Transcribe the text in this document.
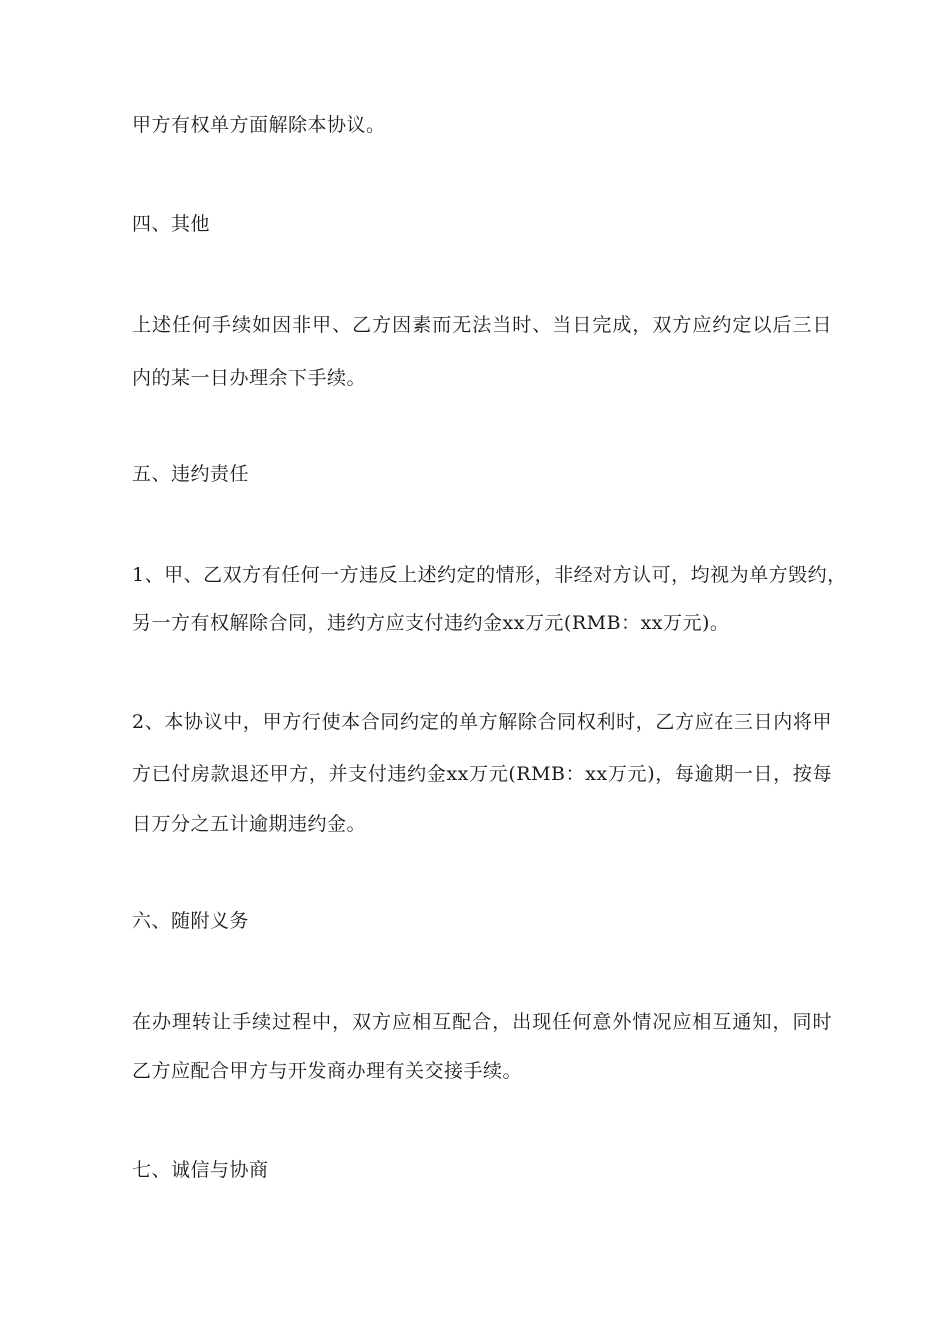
甲方有权单方面解除本协议。
四、其他
上述任何手续如因非甲、乙方因素而无法当时、当日完成，双方应约定以后三日
内的某一日办理余下手续。
五、违约责任
1、甲、乙双方有任何一方违反上述约定的情形，非经对方认可，均视为单方毁约，
另一方有权解除合同，违约方应支付违约金xx万元(RMB：xx万元)。
2、本协议中，甲方行使本合同约定的单方解除合同权利时，乙方应在三日内将甲
方已付房款退还甲方，并支付违约金xx万元(RMB：xx万元)，每逾期一日，按每
日万分之五计逾期违约金。
六、随附义务
在办理转让手续过程中，双方应相互配合，出现任何意外情况应相互通知，同时
乙方应配合甲方与开发商办理有关交接手续。
七、诚信与协商
